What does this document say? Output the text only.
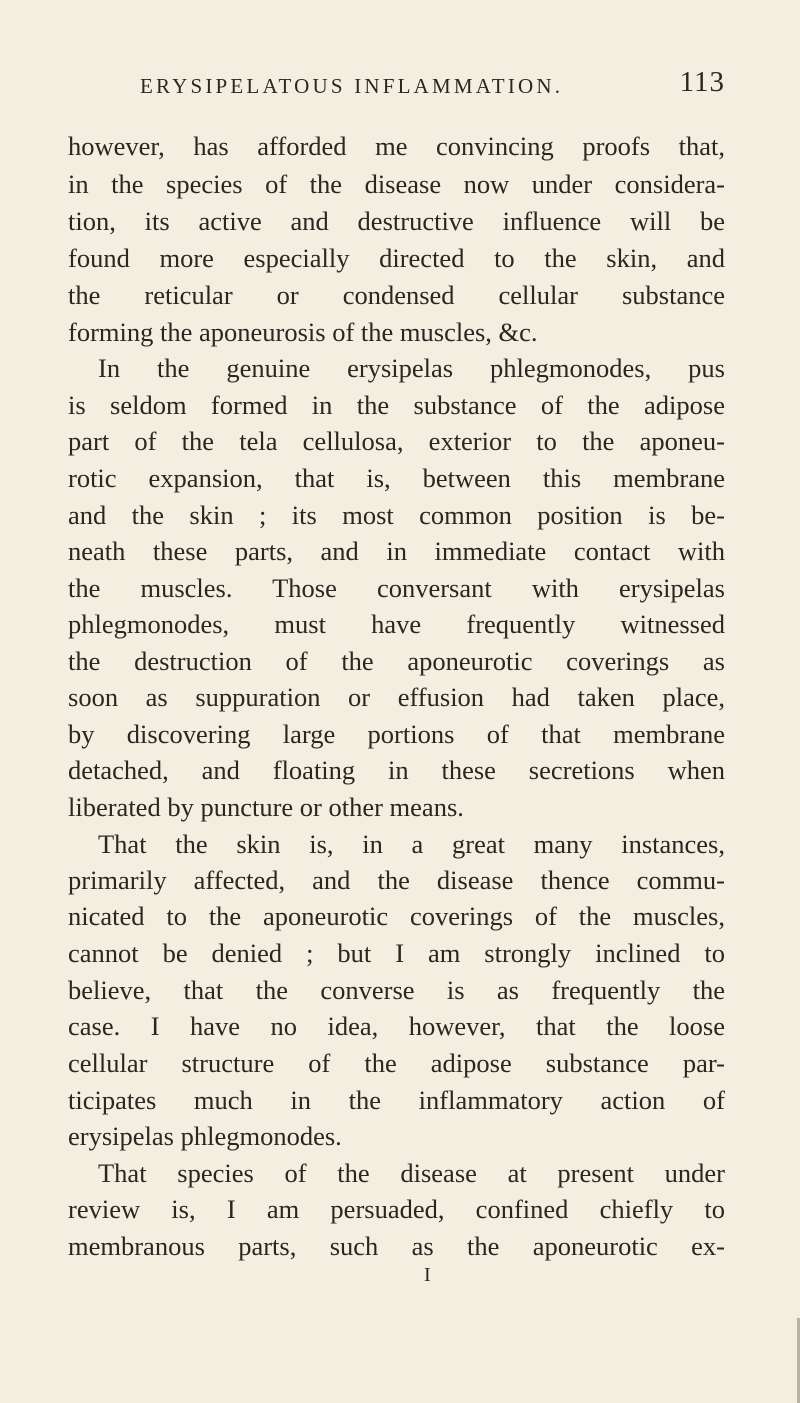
ERYSIPELATOUS INFLAMMATION.	113
however, has afforded me convincing proofs that,
in the species of the disease now under considera-
tion, its active and destructive influence will be
found more especially directed to the skin, and
the reticular or condensed cellular substance
forming the aponeurosis of the muscles, &c.
In the genuine erysipelas phlegmonodes, pus
is seldom formed in the substance of the adipose
part of the tela cellulosa, exterior to the aponeu-
rotic expansion, that is, between this membrane
and the skin ; its most common position is be-
neath these parts, and in immediate contact with
the muscles. Those conversant with erysipelas
phlegmonodes, must have frequently witnessed
the destruction of the aponeurotic coverings as
soon as suppuration or effusion had taken place,
by discovering large portions of that membrane
detached, and floating in these secretions when
liberated by puncture or other means.
That the skin is, in a great many instances,
primarily affected, and the disease thence commu-
nicated to the aponeurotic coverings of the muscles,
cannot be denied ; but I am strongly inclined to
believe, that the converse is as frequently the
case. I have no idea, however, that the loose
cellular structure of the adipose substance par-
ticipates much in the inflammatory action of
erysipelas phlegmonodes.
That species of the disease at present under
review is, I am persuaded, confined chiefly to
membranous parts, such as the aponeurotic ex-
I
